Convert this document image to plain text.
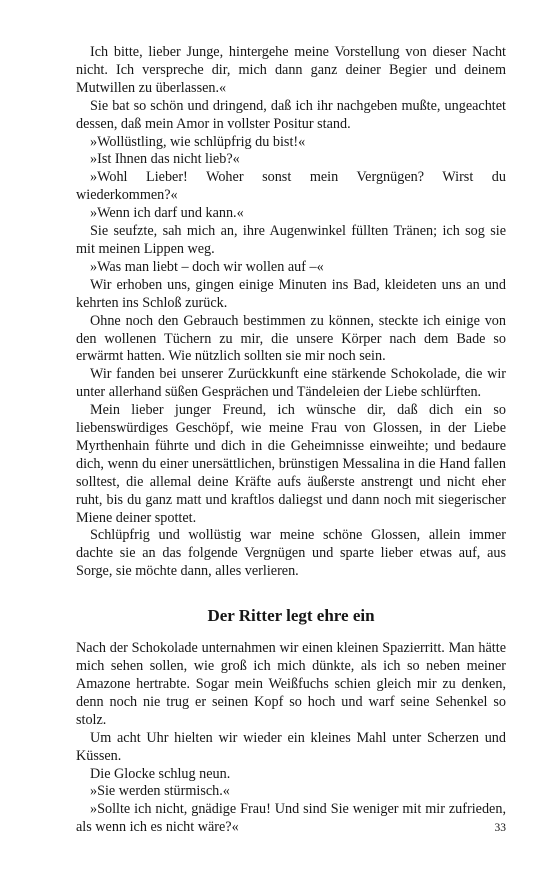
Ich bitte, lieber Junge, hintergehe meine Vorstellung von dieser Nacht nicht. Ich verspreche dir, mich dann ganz deiner Begier und deinem Mutwillen zu überlassen.«

Sie bat so schön und dringend, daß ich ihr nachgeben mußte, ungeachtet dessen, daß mein Amor in vollster Positur stand.

»Wollüstling, wie schlüpfrig du bist!«

»Ist Ihnen das nicht lieb?«

»Wohl Lieber! Woher sonst mein Vergnügen? Wirst du wiederkommen?«

»Wenn ich darf und kann.«

Sie seufzte, sah mich an, ihre Augenwinkel füllten Tränen; ich sog sie mit meinen Lippen weg.

»Was man liebt – doch wir wollen auf –«

Wir erhoben uns, gingen einige Minuten ins Bad, kleideten uns an und kehrten ins Schloß zurück.

Ohne noch den Gebrauch bestimmen zu können, steckte ich einige von den wollenen Tüchern zu mir, die unsere Körper nach dem Bade so erwärmt hatten. Wie nützlich sollten sie mir noch sein.

Wir fanden bei unserer Zurückkunft eine stärkende Schokolade, die wir unter allerhand süßen Gesprächen und Tändeleien der Liebe schlürften.

Mein lieber junger Freund, ich wünsche dir, daß dich ein so liebenswürdiges Geschöpf, wie meine Frau von Glossen, in der Liebe Myrthenhain führte und dich in die Geheimnisse einweihte; und bedaure dich, wenn du einer unersättlichen, brünstigen Messalina in die Hand fallen solltest, die allemal deine Kräfte aufs äußerste anstrengt und nicht eher ruht, bis du ganz matt und kraftlos daliegst und dann noch mit siegerischer Miene deiner spottet.

Schlüpfrig und wollüstig war meine schöne Glossen, allein immer dachte sie an das folgende Vergnügen und sparte lieber etwas auf, aus Sorge, sie möchte dann, alles verlieren.

Der Ritter legt ehre ein

Nach der Schokolade unternahmen wir einen kleinen Spazierritt. Man hätte mich sehen sollen, wie groß ich mich dünkte, als ich so neben meiner Amazone hertrabte. Sogar mein Weißfuchs schien gleich mir zu denken, denn noch nie trug er seinen Kopf so hoch und warf seine Sehenkel so stolz.

Um acht Uhr hielten wir wieder ein kleines Mahl unter Scherzen und Küssen.

Die Glocke schlug neun.

»Sie werden stürmisch.«

»Sollte ich nicht, gnädige Frau! Und sind Sie weniger mit mir zufrieden, als wenn ich es nicht wäre?«	33
